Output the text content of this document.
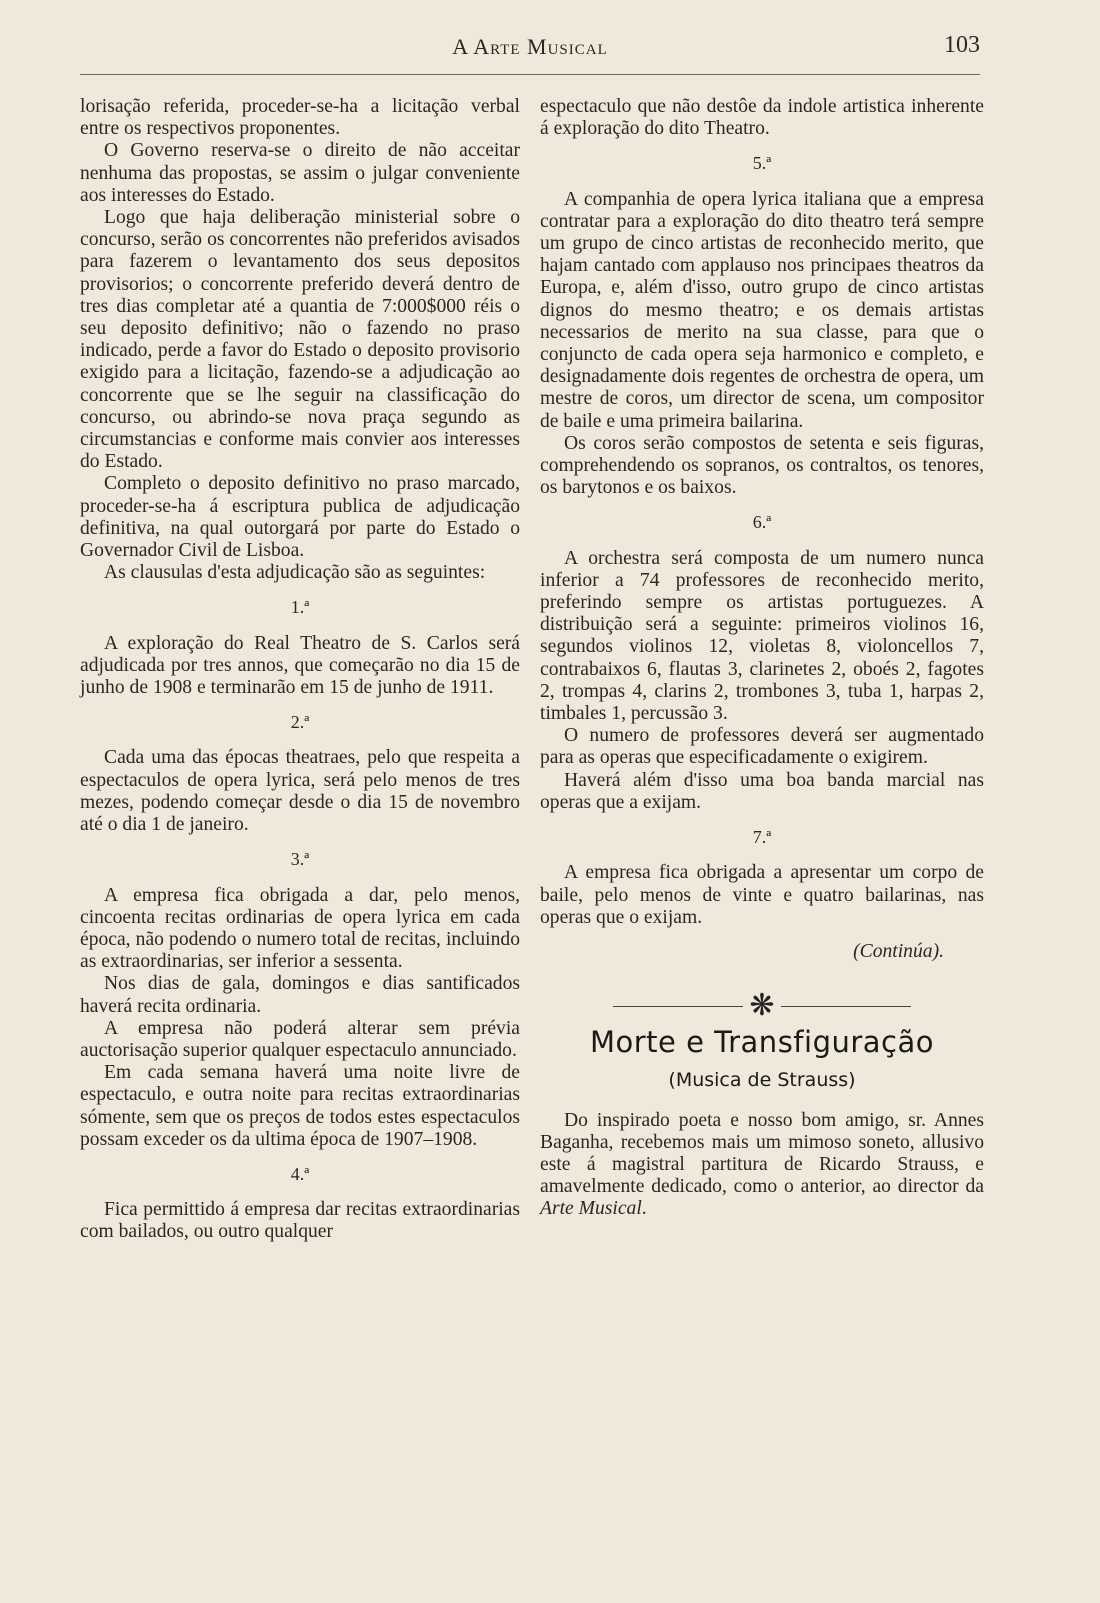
A Arte Musical	103

lorisação referida, proceder-se-ha a licitação verbal entre os respectivos proponentes.

O Governo reserva-se o direito de não acceitar nenhuma das propostas, se assim o julgar conveniente aos interesses do Estado.

Logo que haja deliberação ministerial sobre o concurso, serão os concorrentes não preferidos avisados para fazerem o levantamento dos seus depositos provisorios; o concorrente preferido deverá dentro de tres dias completar até a quantia de 7:000$000 réis o seu deposito definitivo; não o fazendo no praso indicado, perde a favor do Estado o deposito provisorio exigido para a licitação, fazendo-se a adjudicação ao concorrente que se lhe seguir na classificação do concurso, ou abrindo-se nova praça segundo as circumstancias e conforme mais convier aos interesses do Estado.

Completo o deposito definitivo no praso marcado, proceder-se-ha á escriptura publica de adjudicação definitiva, na qual outorgará por parte do Estado o Governador Civil de Lisboa.

As clausulas d'esta adjudicação são as seguintes:

1.ª

A exploração do Real Theatro de S. Carlos será adjudicada por tres annos, que começarão no dia 15 de junho de 1908 e terminarão em 15 de junho de 1911.

2.ª

Cada uma das épocas theatraes, pelo que respeita a espectaculos de opera lyrica, será pelo menos de tres mezes, podendo começar desde o dia 15 de novembro até o dia 1 de janeiro.

3.ª

A empresa fica obrigada a dar, pelo menos, cincoenta recitas ordinarias de opera lyrica em cada época, não podendo o numero total de recitas, incluindo as extraordinarias, ser inferior a sessenta.

Nos dias de gala, domingos e dias santificados haverá recita ordinaria.

A empresa não poderá alterar sem prévia auctorisação superior qualquer espectaculo annunciado.

Em cada semana haverá uma noite livre de espectaculo, e outra noite para recitas extraordinarias sómente, sem que os preços de todos estes espectaculos possam exceder os da ultima época de 1907–1908.

4.ª

Fica permittido á empresa dar recitas extraordinarias com bailados, ou outro qualquer

espectaculo que não destôe da indole artistica inherente á exploração do dito Theatro.

5.ª

A companhia de opera lyrica italiana que a empresa contratar para a exploração do dito theatro terá sempre um grupo de cinco artistas de reconhecido merito, que hajam cantado com applauso nos principaes theatros da Europa, e, além d'isso, outro grupo de cinco artistas dignos do mesmo theatro; e os demais artistas necessarios de merito na sua classe, para que o conjuncto de cada opera seja harmonico e completo, e designadamente dois regentes de orchestra de opera, um mestre de coros, um director de scena, um compositor de baile e uma primeira bailarina.

Os coros serão compostos de setenta e seis figuras, comprehendendo os sopranos, os contraltos, os tenores, os barytonos e os baixos.

6.ª

A orchestra será composta de um numero nunca inferior a 74 professores de reconhecido merito, preferindo sempre os artistas portuguezes. A distribuição será a seguinte: primeiros violinos 16, segundos violinos 12, violetas 8, violoncellos 7, contrabaixos 6, flautas 3, clarinetes 2, oboés 2, fagotes 2, trompas 4, clarins 2, trombones 3, tuba 1, harpas 2, timbales 1, percussão 3.

O numero de professores deverá ser augmentado para as operas que especificadamente o exigirem.

Haverá além d'isso uma boa banda marcial nas operas que a exijam.

7.ª

A empresa fica obrigada a apresentar um corpo de baile, pelo menos de vinte e quatro bailarinas, nas operas que o exijam.

(Continúa).
❋
Morte e Transfiguração
(Musica de Strauss)

Do inspirado poeta e nosso bom amigo, sr. Annes Baganha, recebemos mais um mimoso soneto, allusivo este á magistral partitura de Ricardo Strauss, e amavelmente dedicado, como o anterior, ao director da Arte Musical.
